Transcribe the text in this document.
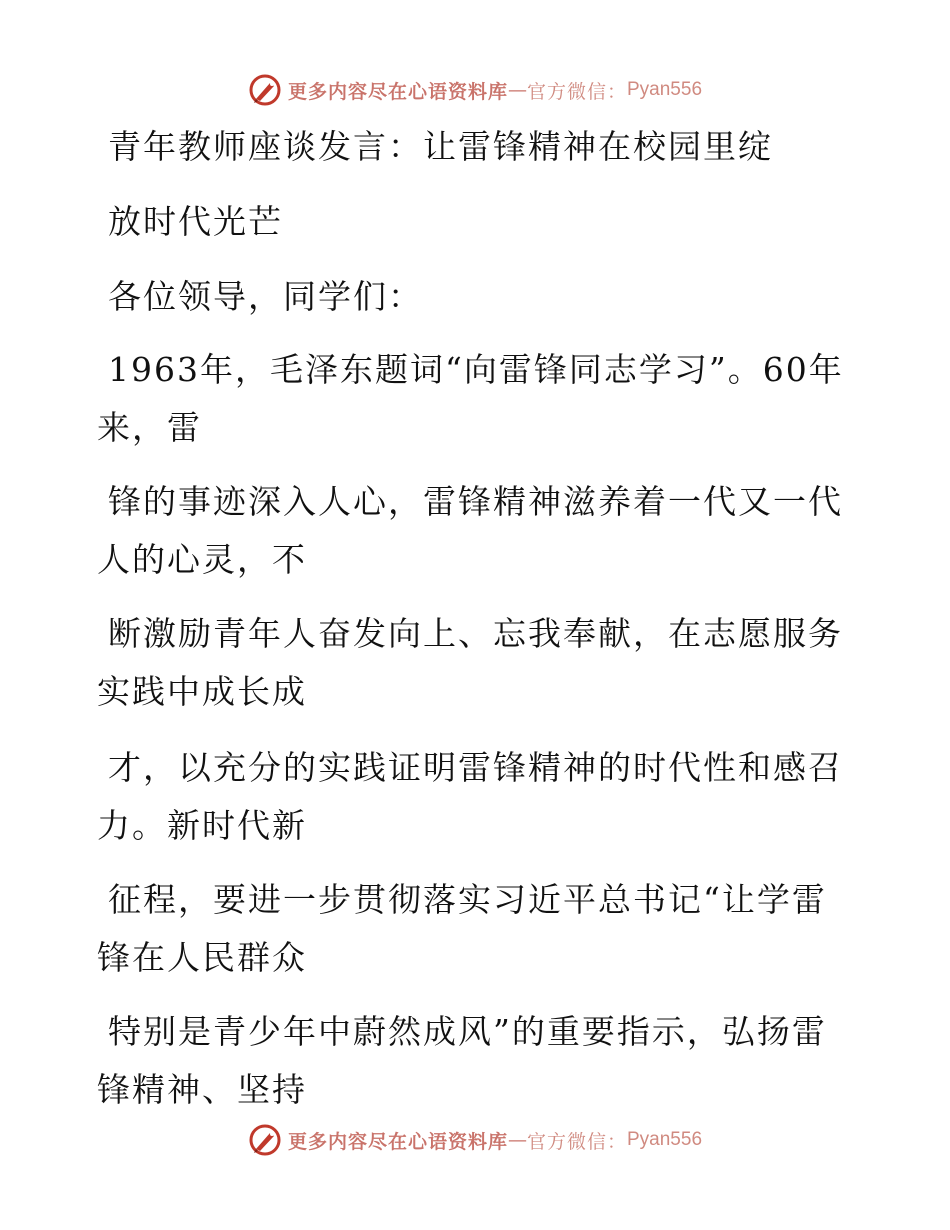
更多内容尽在心语资料库 — 官方微信： Pyan556
青年教师座谈发言：让雷锋精神在校园里绽
放时代光芒
各位领导，同学们：
1963年，毛泽东题词“向雷锋同志学习”。60年
来，雷
锋的事迹深入人心，雷锋精神滋养着一代又一代
人的心灵，不
断激励青年人奋发向上、忘我奉献，在志愿服务
实践中成长成
才，以充分的实践证明雷锋精神的时代性和感召
力。新时代新
征程，要进一步贯彻落实习近平总书记“让学雷
锋在人民群众
特别是青少年中蔚然成风”的重要指示，弘扬雷
锋精神、坚持
更多内容尽在心语资料库 — 官方微信： Pyan556
